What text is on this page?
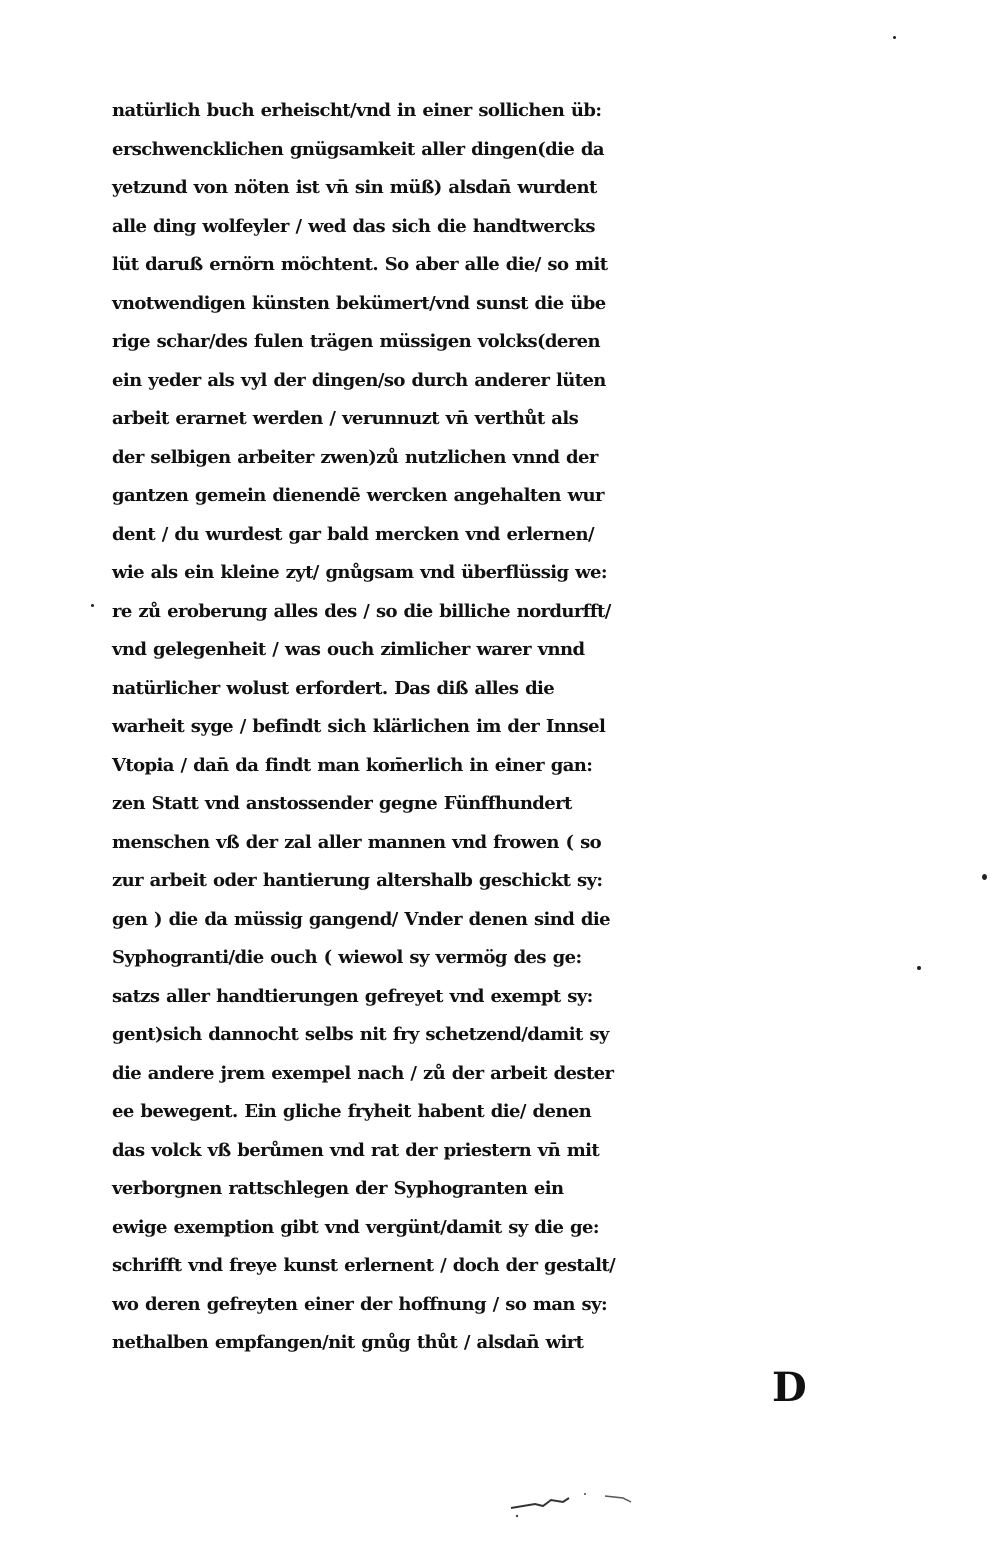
natürlich buch erheischt/vnd in einer sollichen üb:
erschwencklichen gnügsamkeit aller dingen(die da
yetzund von nöten ist vn̄ sin müß) alsdan̄ wurdent
alle ding wolfeyler / wed das sich die handtwercks
lüt daruß ernörn möchtent. So aber alle die/ so mit
vnotwendigen künsten bekümert/vnd sunst die übe
rige schar/des fulen trägen müssigen volcks(deren
ein yeder als vyl der dingen/so durch anderer lüten
arbeit erarnet werden / verunnuzt vn̄ verthůt als
der selbigen arbeiter zwen)zů nutzlichen vnnd der
gantzen gemein dienendē wercken angehalten wur
dent / du wurdest gar bald mercken vnd erlernen/
wie als ein kleine zyt/ gnůgsam vnd überflüssig we:
re zů eroberung alles des / so die billiche nordurfft/
vnd gelegenheit / was ouch zimlicher warer vnnd
natürlicher wolust erfordert. Das diß alles die
warheit syge / befindt sich klärlichen im der Innsel
Vtopia / dan̄ da findt man kom̄erlich in einer gan:
zen Statt vnd anstossender gegne Fünffhundert
menschen vß der zal aller mannen vnd frowen ( so
zur arbeit oder hantierung altershalb geschickt sy:
gen ) die da müssig gangend/ Vnder denen sind die
Syphogranti/die ouch ( wiewol sy vermög des ge:
satzs aller handtierungen gefreyet vnd exempt sy:
gent)sich dannocht selbs nit fry schetzend/damit sy
die andere jrem exempel nach / zů der arbeit dester
ee bewegent. Ein gliche fryheit habent die/ denen
das volck vß berůmen vnd rat der priestern vn̄ mit
verborgnen rattschlegen der Syphogranten ein
ewige exemption gibt vnd vergünt/damit sy die ge:
schrifft vnd freye kunst erlernent / doch der gestalt/
wo deren gefreyten einer der hoffnung / so man sy:
nethalben empfangen/nit gnůg thůt / alsdan̄ wirt
D
